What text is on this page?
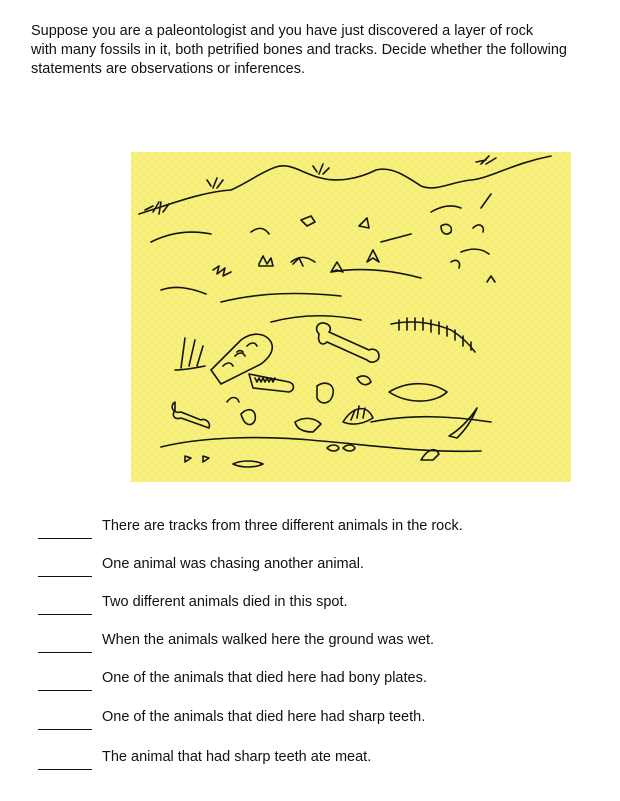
Suppose you are a paleontologist and you have just discovered a layer of rock
with many fossils in it, both petrified bones and tracks. Decide whether the following
statements are observations or inferences.
There are tracks from three different animals in the rock.
One animal was chasing another animal.
Two different animals died in this spot.
When the animals walked here the ground was wet.
One of the animals that died here had bony plates.
One of the animals that died here had sharp teeth.
The animal that had sharp teeth ate meat.
